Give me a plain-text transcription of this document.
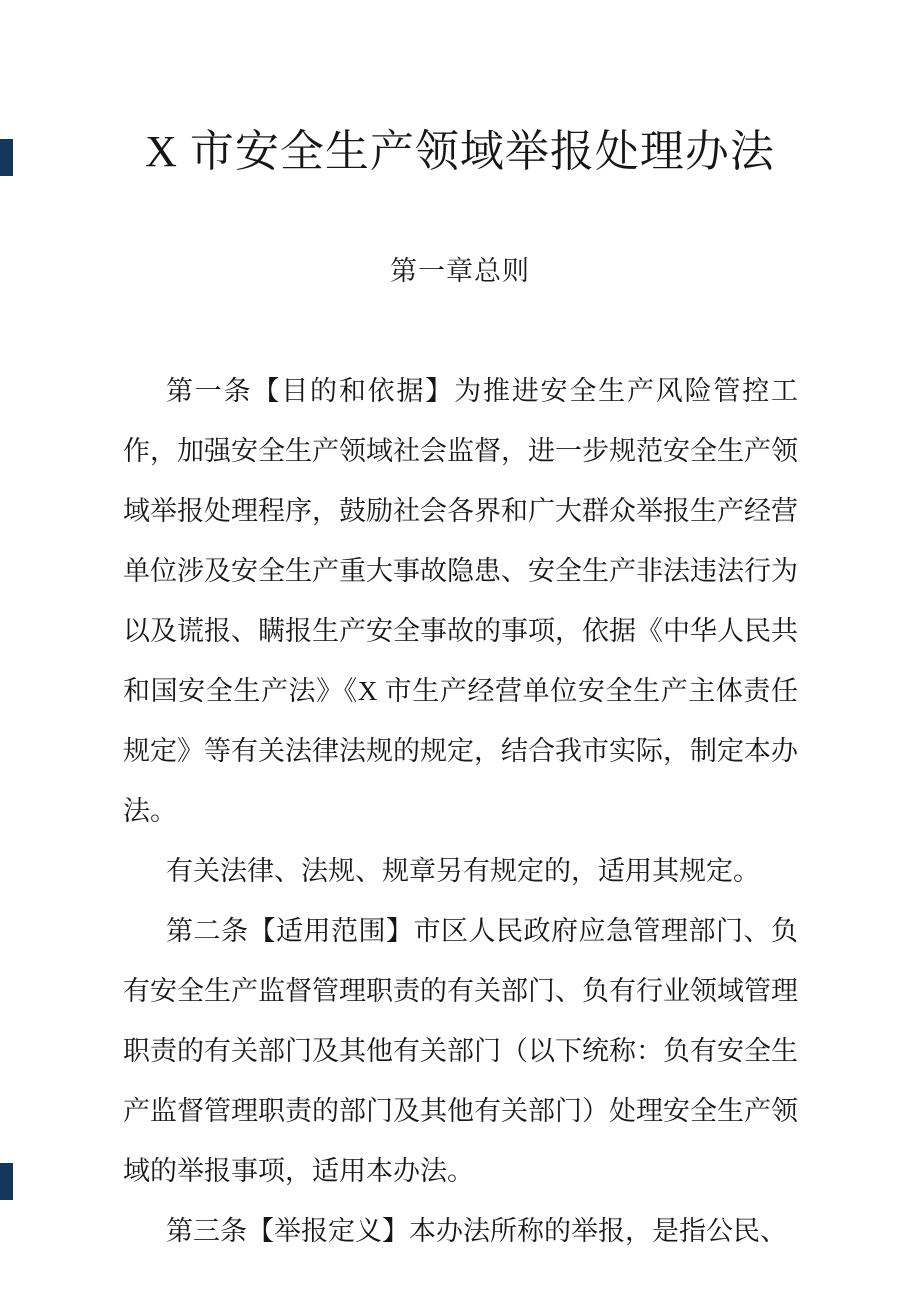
X 市安全生产领域举报处理办法
第一章总则

第一条【目的和依据】为推进安全生产风险管控工作，加强安全生产领域社会监督，进一步规范安全生产领域举报处理程序，鼓励社会各界和广大群众举报生产经营单位涉及安全生产重大事故隐患、安全生产非法违法行为以及谎报、瞒报生产安全事故的事项，依据《中华人民共和国安全生产法》《X 市生产经营单位安全生产主体责任规定》等有关法律法规的规定，结合我市实际，制定本办法。

有关法律、法规、规章另有规定的，适用其规定。

第二条【适用范围】市区人民政府应急管理部门、负有安全生产监督管理职责的有关部门、负有行业领域管理职责的有关部门及其他有关部门（以下统称：负有安全生产监督管理职责的部门及其他有关部门）处理安全生产领域的举报事项，适用本办法。

第三条【举报定义】本办法所称的举报，是指公民、
